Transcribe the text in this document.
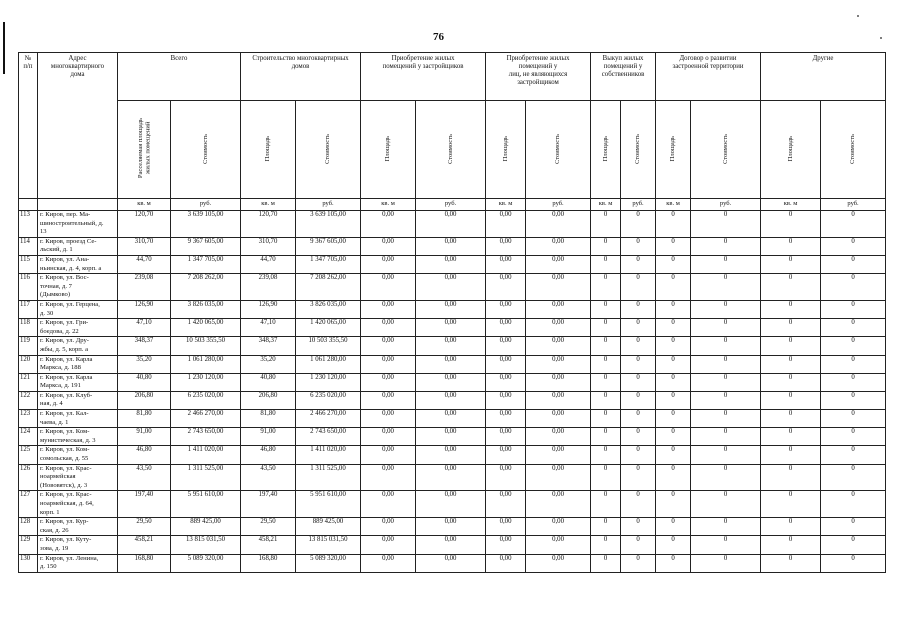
76
№
п/п	Адрес
многоквартирного
дома	Всего		Строительство многоквартирных
домов		Приобретение жилых
помещений у застройщиков		Приобретение жилых
помещений у
лиц, не являющихся
застройщиком		Выкуп жилых
помещений у
собственников		Договор о развитии
застроенной территории		Другие	
		Расселяемая площадь
жилых помещений	Стоимость	Площадь	Стоимость	Площадь	Стоимость	Площадь	Стоимость	Площадь	Стоимость	Площадь	Стоимость	Площадь	Стоимость
		кв. м	руб.	кв. м	руб.	кв. м	руб.	кв. м	руб.	кв. м	руб.	кв. м	руб.	кв. м	руб.
113	г. Киров, пер. Ма-
шиностроительный, д.
13	120,70	3 639 105,00	120,70	3 639 105,00	0,00	0,00	0,00	0,00	0	0	0	0	0	0
114	г. Киров, проезд Се-
льский, д. 1	310,70	9 367 605,00	310,70	9 367 605,00	0,00	0,00	0,00	0,00	0	0	0	0	0	0
115	г. Киров, ул. Ана-
ньинская, д. 4, корп. а	44,70	1 347 705,00	44,70	1 347 705,00	0,00	0,00	0,00	0,00	0	0	0	0	0	0
116	г. Киров, ул. Вос-
точная, д. 7
(Дымково)	239,08	7 208 262,00	239,08	7 208 262,00	0,00	0,00	0,00	0,00	0	0	0	0	0	0
117	г. Киров, ул. Герцена,
д. 30	126,90	3 826 035,00	126,90	3 826 035,00	0,00	0,00	0,00	0,00	0	0	0	0	0	0
118	г. Киров, ул. Гри-
боедова, д. 22	47,10	1 420 065,00	47,10	1 420 065,00	0,00	0,00	0,00	0,00	0	0	0	0	0	0
119	г. Киров, ул. Дру-
жбы, д. 5, корп. а	348,37	10 503 355,50	348,37	10 503 355,50	0,00	0,00	0,00	0,00	0	0	0	0	0	0
120	г. Киров, ул. Карла
Маркса, д. 188	35,20	1 061 280,00	35,20	1 061 280,00	0,00	0,00	0,00	0,00	0	0	0	0	0	0
121	г. Киров, ул. Карла
Маркса, д. 191	40,80	1 230 120,00	40,80	1 230 120,00	0,00	0,00	0,00	0,00	0	0	0	0	0	0
122	г. Киров, ул. Клуб-
ная, д. 4	206,80	6 235 020,00	206,80	6 235 020,00	0,00	0,00	0,00	0,00	0	0	0	0	0	0
123	г. Киров, ул. Кал-
чаева, д. 1	81,80	2 466 270,00	81,80	2 466 270,00	0,00	0,00	0,00	0,00	0	0	0	0	0	0
124	г. Киров, ул. Ком-
мунистическая, д. 3	91,00	2 743 650,00	91,00	2 743 650,00	0,00	0,00	0,00	0,00	0	0	0	0	0	0
125	г. Киров, ул. Ком-
сомольская, д. 55	46,80	1 411 020,00	46,80	1 411 020,00	0,00	0,00	0,00	0,00	0	0	0	0	0	0
126	г. Киров, ул. Крас-
ноармейская
(Нововятск), д. 3	43,50	1 311 525,00	43,50	1 311 525,00	0,00	0,00	0,00	0,00	0	0	0	0	0	0
127	г. Киров, ул. Крас-
ноармейская, д. 64,
корп. 1	197,40	5 951 610,00	197,40	5 951 610,00	0,00	0,00	0,00	0,00	0	0	0	0	0	0
128	г. Киров, ул. Кур-
ская, д. 26	29,50	889 425,00	29,50	889 425,00	0,00	0,00	0,00	0,00	0	0	0	0	0	0
129	г. Киров, ул. Куту-
зова, д. 19	458,21	13 815 031,50	458,21	13 815 031,50	0,00	0,00	0,00	0,00	0	0	0	0	0	0
130	г. Киров, ул. Ленина,
д. 150	168,80	5 089 320,00	168,80	5 089 320,00	0,00	0,00	0,00	0,00	0	0	0	0	0	0
